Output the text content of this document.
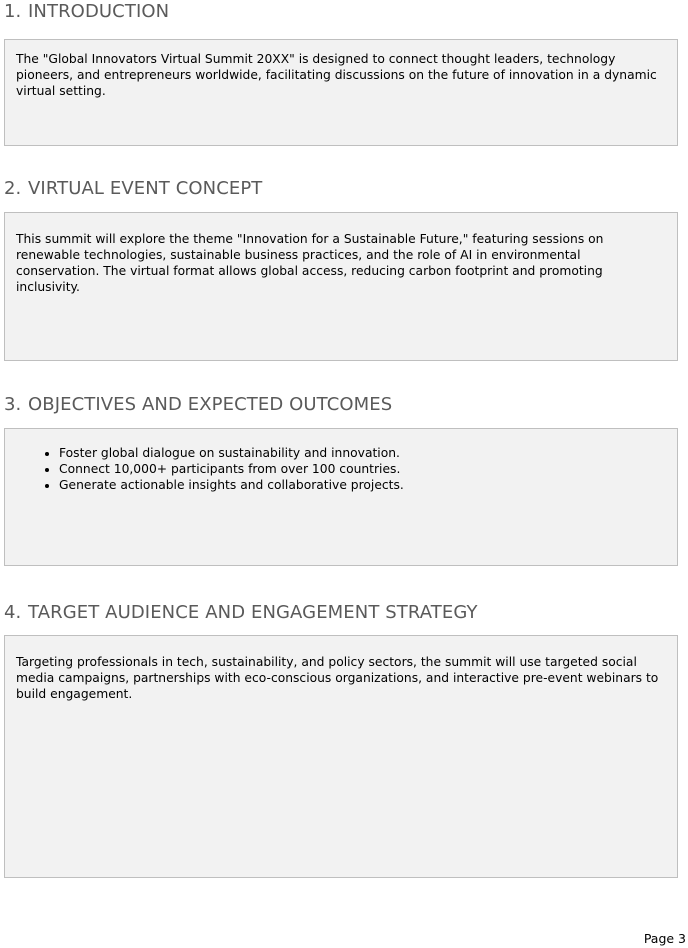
1. INTRODUCTION

The "Global Innovators Virtual Summit 20XX" is designed to connect thought leaders, technology pioneers, and entrepreneurs worldwide, facilitating discussions on the future of innovation in a dynamic virtual setting.

2. VIRTUAL EVENT CONCEPT

This summit will explore the theme "Innovation for a Sustainable Future," featuring sessions on renewable technologies, sustainable business practices, and the role of AI in environmental conservation. The virtual format allows global access, reducing carbon footprint and promoting inclusivity.

3. OBJECTIVES AND EXPECTED OUTCOMES
• Foster global dialogue on sustainability and innovation.
• Connect 10,000+ participants from over 100 countries.
• Generate actionable insights and collaborative projects.
4. TARGET AUDIENCE AND ENGAGEMENT STRATEGY

Targeting professionals in tech, sustainability, and policy sectors, the summit will use targeted social media campaigns, partnerships with eco-conscious organizations, and interactive pre-event webinars to build engagement.

Page 3
